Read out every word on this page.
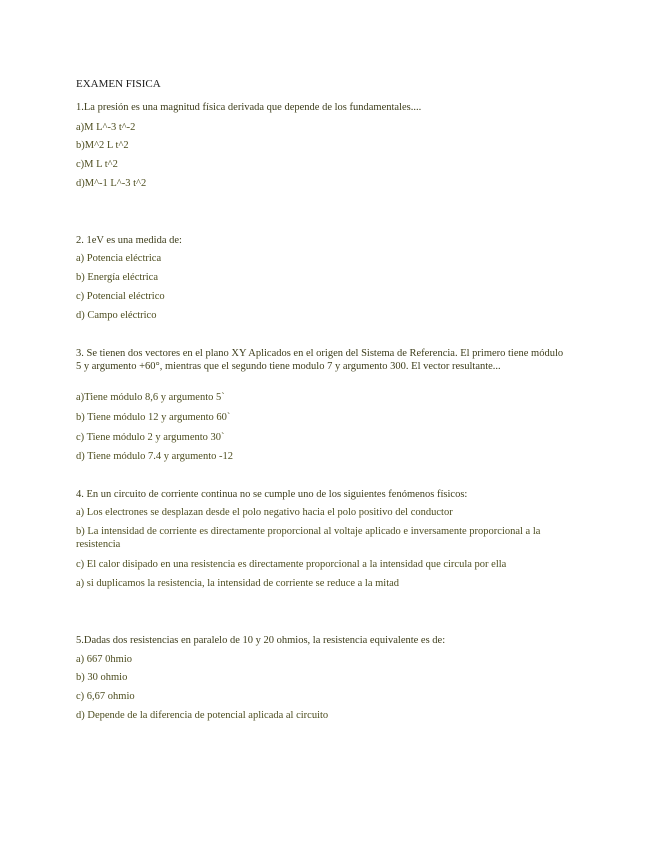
EXAMEN FISICA
1.La presión es una magnitud física derivada que depende de los fundamentales....
a)M L^-3 t^-2
b)M^2 L t^2
c)M L t^2
d)M^-1 L^-3 t^2
2. 1eV es una medida de:
a) Potencia eléctrica
b) Energía eléctrica
c) Potencial eléctrico
d) Campo eléctrico
3. Se tienen dos vectores en el plano XY Aplicados en el origen del Sistema de Referencia. El primero tiene módulo 5 y argumento +60°, mientras que el segundo tiene modulo 7 y argumento 300. El vector resultante...
a)Tiene módulo 8,6 y argumento 5`
b) Tiene módulo 12 y argumento 60`
c) Tiene módulo 2 y argumento 30`
d) Tiene módulo 7.4 y argumento -12
4. En un circuito de corriente continua no se cumple uno de los siguientes fenómenos físicos:
a) Los electrones se desplazan desde el polo negativo hacia el polo positivo del conductor
b) La intensidad de corriente es directamente proporcional al voltaje aplicado e inversamente proporcional a la resistencia
c) El calor disipado en una resistencia es directamente proporcional a la intensidad que circula por ella
a) si duplicamos la resistencia, la intensidad de corriente se reduce a la mitad
5.Dadas dos resistencias en paralelo de 10 y 20 ohmios, la resistencia equivalente es de:
a) 667 0hmio
b) 30 ohmio
c) 6,67 ohmio
d) Depende de la diferencia de potencial aplicada al circuito
